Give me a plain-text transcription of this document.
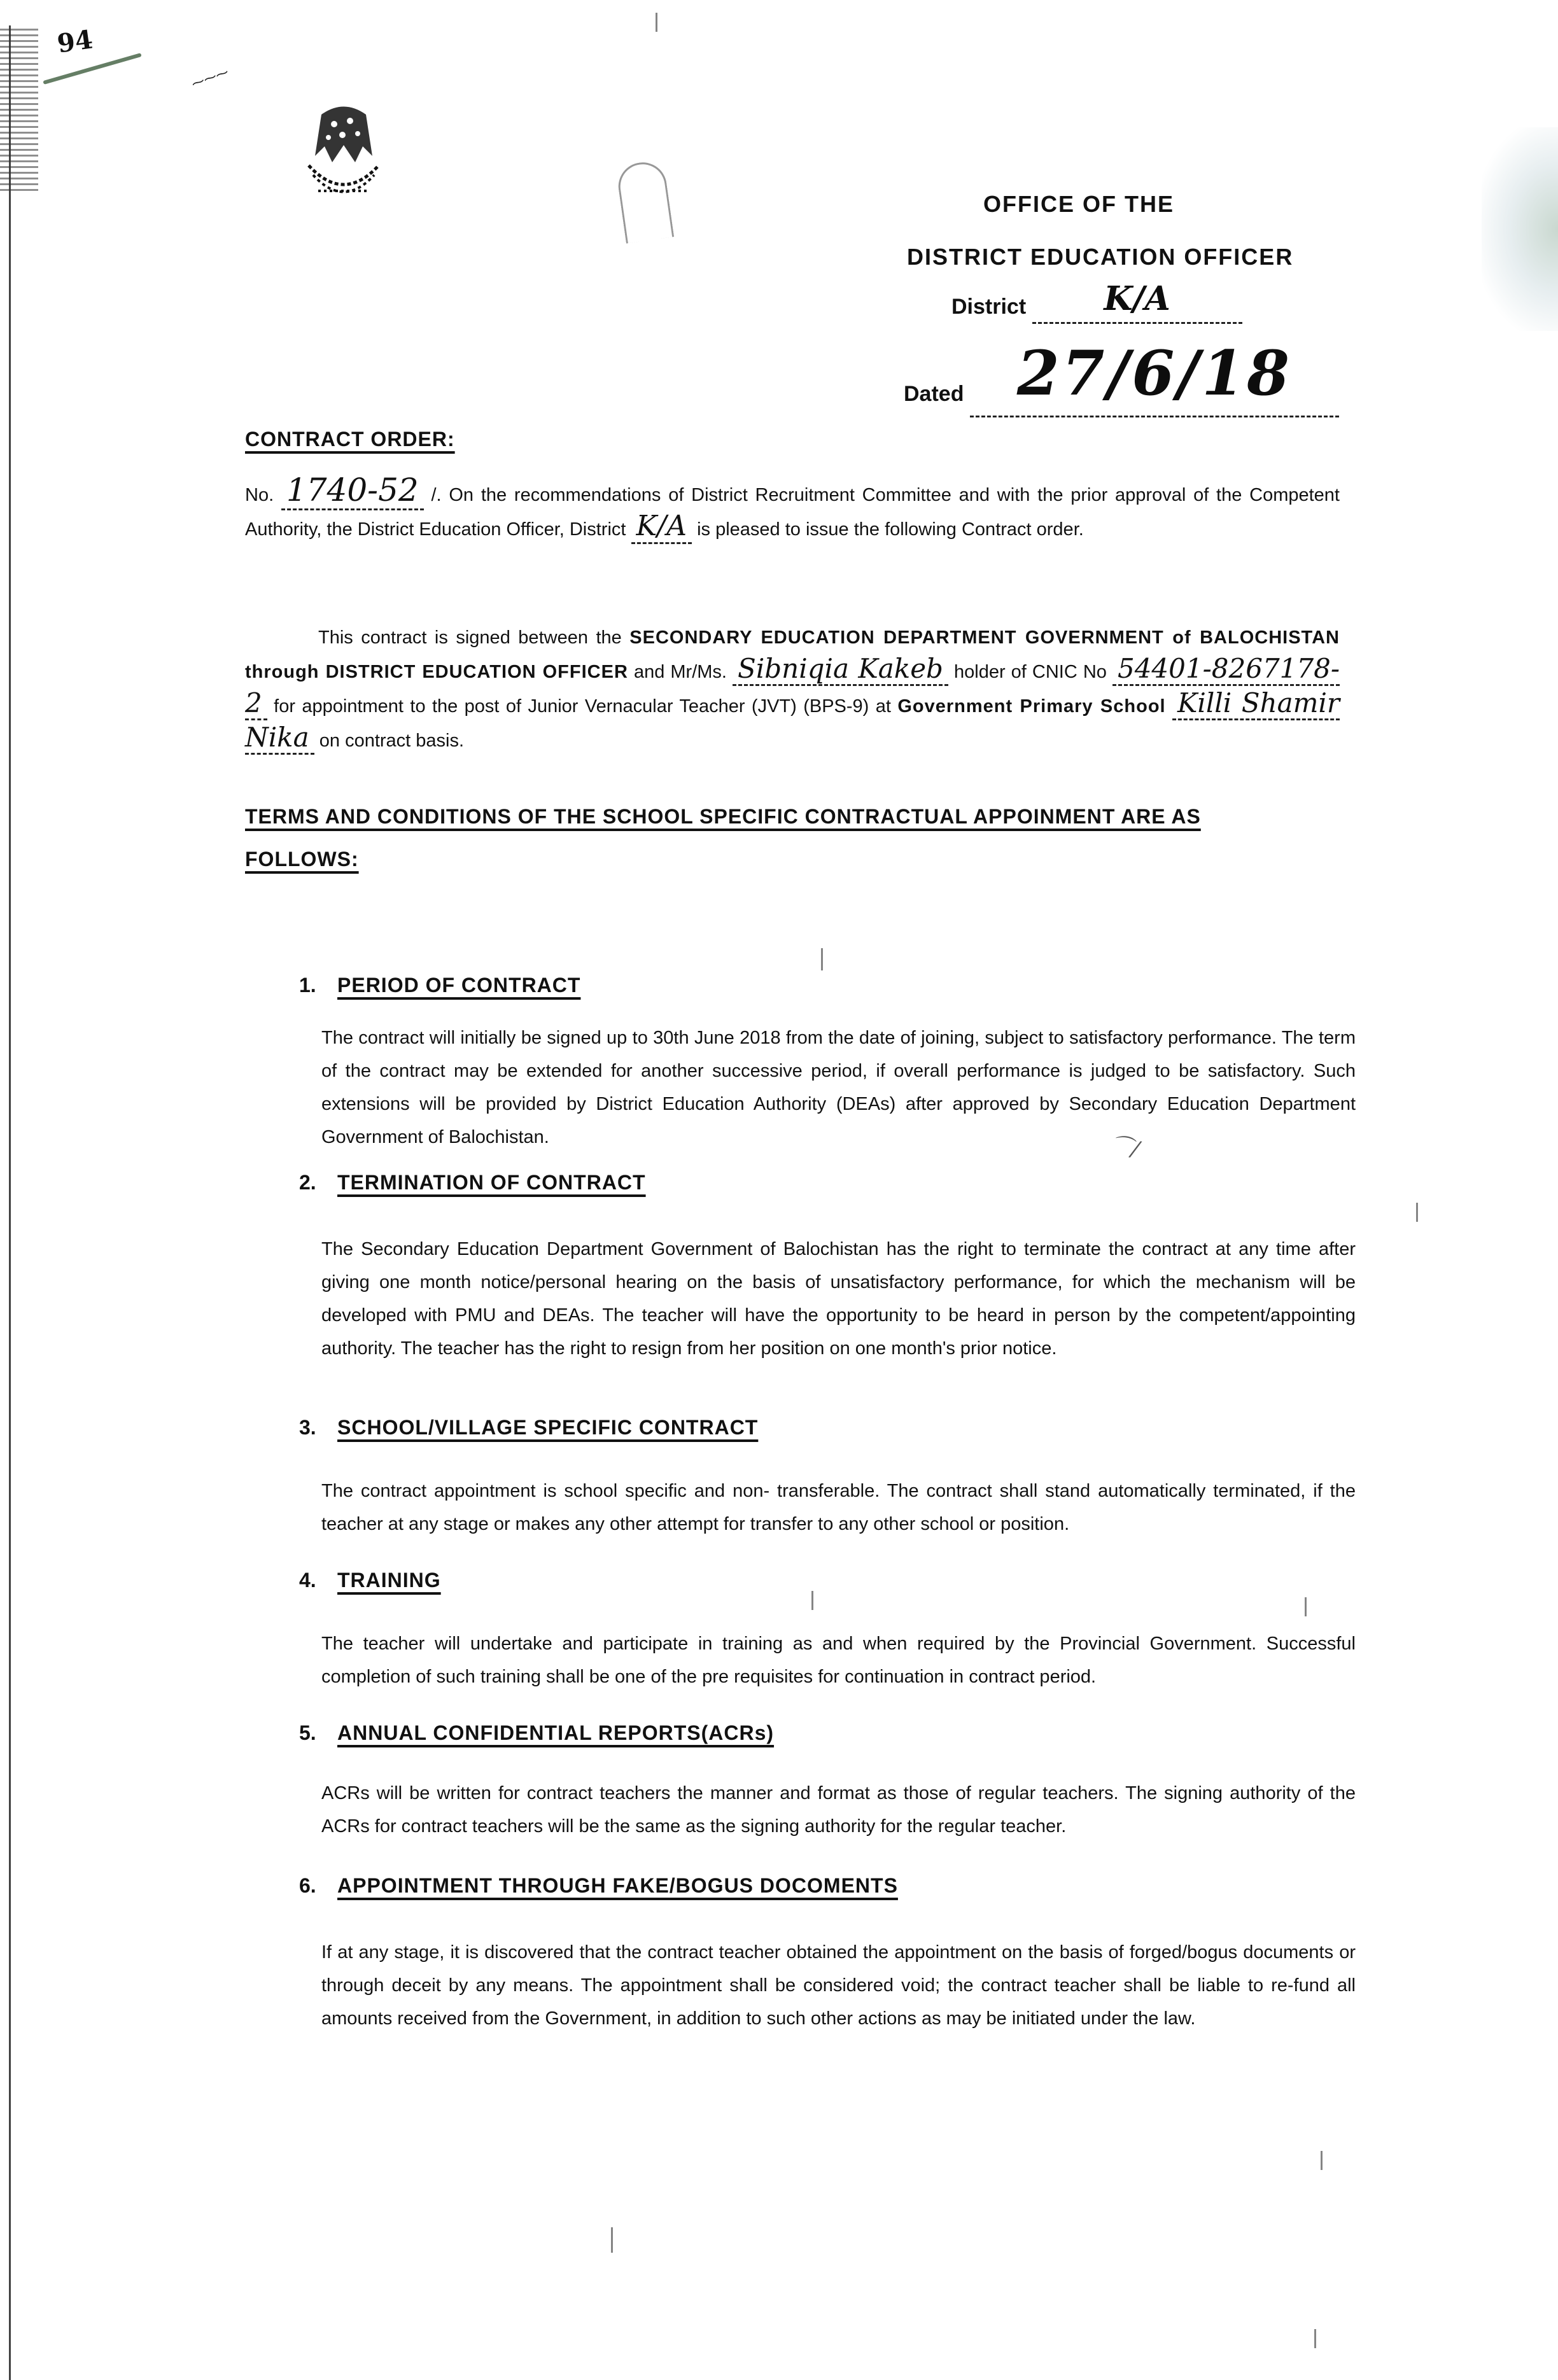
94
⁓⁓⁓
OFFICE OF THE
DISTRICT EDUCATION OFFICER
District K/A
Dated 27/6/18
CONTRACT ORDER:
No. 1740-52 /. On the recommendations of District Recruitment Committee and with the prior approval of the Competent Authority, the District Education Officer, District K/A is pleased to issue the following Contract order.
This contract is signed between the SECONDARY EDUCATION DEPARTMENT GOVERNMENT of BALOCHISTAN through DISTRICT EDUCATION OFFICER and Mr/Ms. Sibniqia Kakeb holder of CNIC No 54401-8267178-2 for appointment to the post of Junior Vernacular Teacher (JVT) (BPS-9) at Government Primary School Killi Shamir Nika on contract basis.
TERMS AND CONDITIONS OF THE SCHOOL SPECIFIC CONTRACTUAL APPOINMENT ARE AS
FOLLOWS:
1. PERIOD OF CONTRACT
The contract will initially be signed up to 30th June 2018 from the date of joining, subject to satisfactory performance. The term of the contract may be extended for another successive period, if overall performance is judged to be satisfactory. Such extensions will be provided by District Education Authority (DEAs) after approved by Secondary Education Department Government of Balochistan.
2. TERMINATION OF CONTRACT
The Secondary Education Department Government of Balochistan has the right to terminate the contract at any time after giving one month notice/personal hearing on the basis of unsatisfactory performance, for which the mechanism will be developed with PMU and DEAs. The teacher will have the opportunity to be heard in person by the competent/appointing authority. The teacher has the right to resign from her position on one month's prior notice.
3. SCHOOL/VILLAGE SPECIFIC CONTRACT
The contract appointment is school specific and non- transferable. The contract shall stand automatically terminated, if the teacher at any stage or makes any other attempt for transfer to any other school or position.
4. TRAINING
The teacher will undertake and participate in training as and when required by the Provincial Government. Successful completion of such training shall be one of the pre requisites for continuation in contract period.
5. ANNUAL CONFIDENTIAL REPORTS(ACRs)
ACRs will be written for contract teachers the manner and format as those of regular teachers. The signing authority of the ACRs for contract teachers will be the same as the signing authority for the regular teacher.
6. APPOINTMENT THROUGH FAKE/BOGUS DOCOMENTS
If at any stage, it is discovered that the contract teacher obtained the appointment on the basis of forged/bogus documents or through deceit by any means. The appointment shall be considered void; the contract teacher shall be liable to re-fund all amounts received from the Government, in addition to such other actions as may be initiated under the law.
⌒∕
